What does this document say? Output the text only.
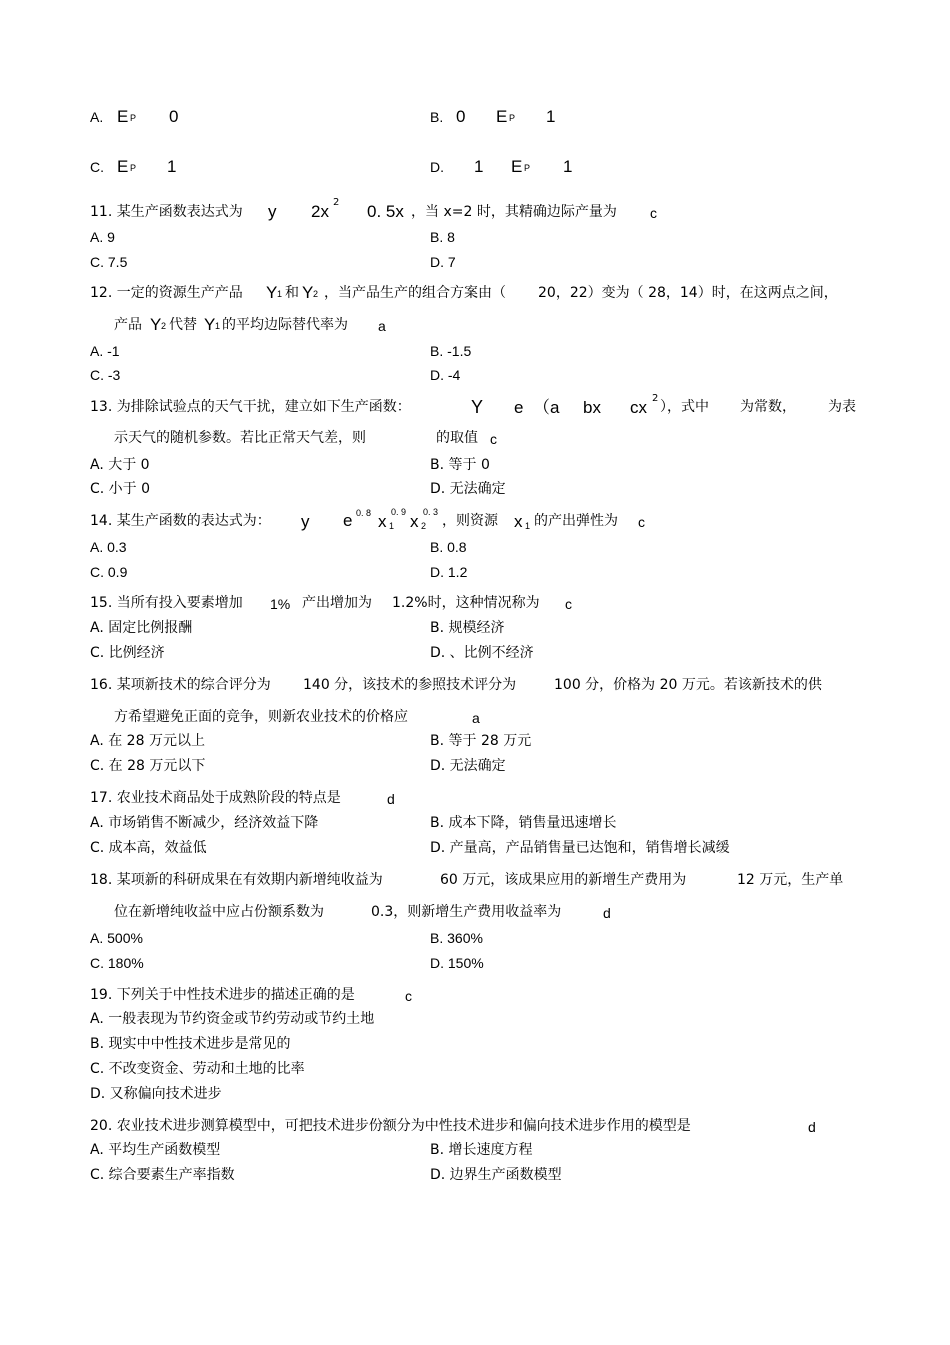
A. E P 0	B. 0 E P 1
C. E P 1	D. 1 E P 1
11. 某生产函数表达式为 y 2x 2 0. 5x ，当 x=2 时，其精确边际产量为 c
A. 9	B. 8
C. 7.5	D. 7
12. 一定的资源生产产品 Y 1 和 Y 2 ，当产品生产的组合方案由（ 20，22）变为（ 28，14）时，在这两点之间，
产品 Y 2 代替 Y 1 的平均边际替代率为 a
A. -1	B. -1.5
C. -3	D. -4
13. 为排除试验点的天气干扰，建立如下生产函数：	Y e （a bx cx 2
），式中 为常数， 为表
示天气的随机参数。若比正常天气差，则	的取值 c
A. 大于 0	B. 等于 0
C. 小于 0	D. 无法确定
14. 某生产函数的表达式为： y e 0. 8 x 1
0. 9 x 2
0. 3
，则资源 x 1 的产出弹性为 c
A. 0.3	B. 0.8
C. 0.9	D. 1.2
15. 当所有投入要素增加 1% 产出增加为 1.2%时，这种情况称为 c
A. 固定比例报酬	B. 规模经济
C. 比例经济	D. 、比例不经济
16. 某项新技术的综合评分为 140 分，该技术的参照技术评分为	100 分，价格为 20 万元。若该新技术的供
方希望避免正面的竞争，则新农业技术的价格应	a
A. 在 28 万元以上	B. 等于 28 万元
C. 在 28 万元以下	D. 无法确定
17. 农业技术商品处于成熟阶段的特点是	d
A. 市场销售不断减少，经济效益下降	B. 成本下降，销售量迅速增长
C. 成本高，效益低	D. 产量高，产品销售量已达饱和，销售增长减缓
18. 某项新的科研成果在有效期内新增纯收益为	60 万元，该成果应用的新增生产费用为	12 万元，生产单
位在新增纯收益中应占份额系数为	0.3，则新增生产费用收益率为	d
A. 500%	B. 360%
C. 180%	D. 150%
19. 下列关于中性技术进步的描述正确的是	c
A. 一般表现为节约资金或节约劳动或节约土地
B. 现实中中性技术进步是常见的
C. 不改变资金、劳动和土地的比率
D. 又称偏向技术进步
20. 农业技术进步测算模型中，可把技术进步份额分为中性技术进步和偏向技术进步作用的模型是	d
A. 平均生产函数模型	B. 增长速度方程
C. 综合要素生产率指数	D. 边界生产函数模型
